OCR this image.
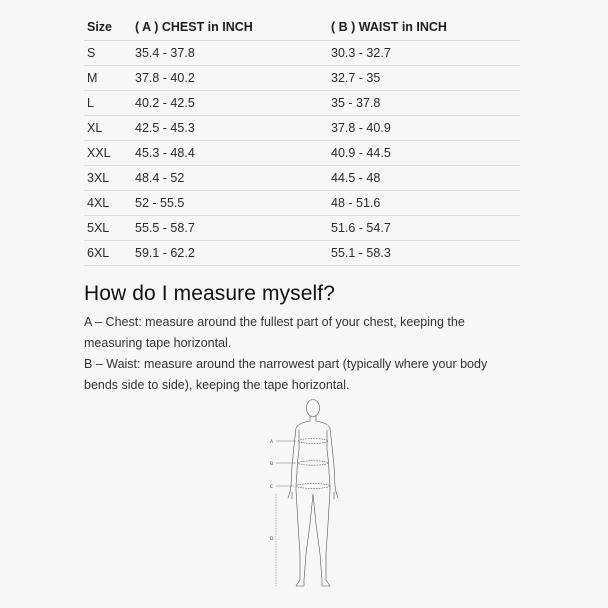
Size	( A ) CHEST in INCH	( B ) WAIST in INCH
S	35.4 - 37.8	30.3 - 32.7
M	37.8 - 40.2	32.7 - 35
L	40.2 - 42.5	35 - 37.8
XL	42.5 - 45.3	37.8 - 40.9
XXL	45.3 - 48.4	40.9 - 44.5
3XL	48.4 - 52	44.5 - 48
4XL	52 - 55.5	48 - 51.6
5XL	55.5 - 58.7	51.6 - 54.7
6XL	59.1 - 62.2	55.1 - 58.3
How do I measure myself?

A – Chest: measure around the fullest part of your chest, keeping the measuring tape horizontal.

B – Waist: measure around the narrowest part (typically where your body bends side to side), keeping the tape horizontal.

A
B
C
D
